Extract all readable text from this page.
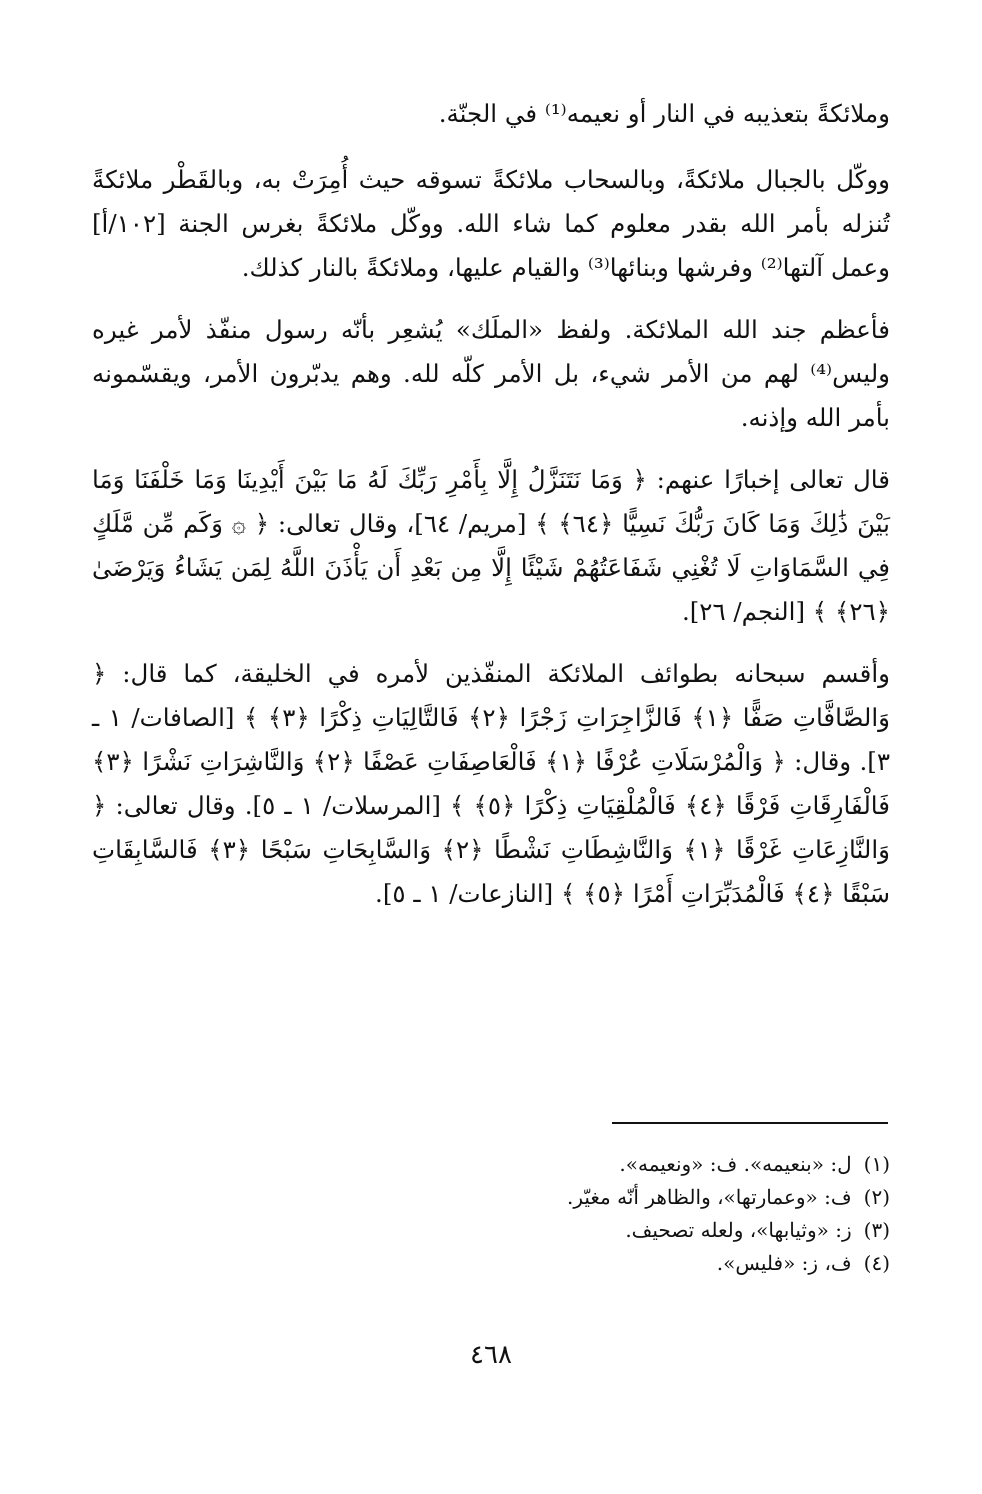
وملائكةً بتعذيبه في النار أو نعيمه⁽¹⁾ في الجنّة.

ووكّل بالجبال ملائكةً، وبالسحاب ملائكةً تسوقه حيث أُمِرَتْ به، وبالقَطْر ملائكةً تُنزله بأمر الله بقدر معلوم كما شاء الله. ووكّل ملائكةً بغرس الجنة [١٠٢/أ] وعمل آلتها⁽²⁾ وفرشها وبنائها⁽³⁾ والقيام عليها، وملائكةً بالنار كذلك.

فأعظم جند الله الملائكة. ولفظ «الملَك» يُشعِر بأنّه رسول منفّذ لأمر غيره وليس⁽⁴⁾ لهم من الأمر شيء، بل الأمر كلّه لله. وهم يدبّرون الأمر، ويقسّمونه بأمر الله وإذنه.

قال تعالى إخبارًا عنهم: ﴿ وَمَا نَتَنَزَّلُ إِلَّا بِأَمْرِ رَبِّكَ لَهُ مَا بَيْنَ أَيْدِينَا وَمَا خَلْفَنَا وَمَا بَيْنَ ذَٰلِكَ وَمَا كَانَ رَبُّكَ نَسِيًّا ﴿٦٤﴾ ﴾ [مريم/ ٦٤]، وقال تعالى: ﴿ ۞ وَكَم مِّن مَّلَكٍ فِي السَّمَاوَاتِ لَا تُغْنِي شَفَاعَتُهُمْ شَيْئًا إِلَّا مِن بَعْدِ أَن يَأْذَنَ اللَّهُ لِمَن يَشَاءُ وَيَرْضَىٰ ﴿٢٦﴾ ﴾ [النجم/ ٢٦].

وأقسم سبحانه بطوائف الملائكة المنفّذين لأمره في الخليقة، كما قال: ﴿ وَالصَّافَّاتِ صَفًّا ﴿١﴾ فَالزَّاجِرَاتِ زَجْرًا ﴿٢﴾ فَالتَّالِيَاتِ ذِكْرًا ﴿٣﴾ ﴾ [الصافات/ ١ ـ ٣]. وقال: ﴿ وَالْمُرْسَلَاتِ عُرْفًا ﴿١﴾ فَالْعَاصِفَاتِ عَصْفًا ﴿٢﴾ وَالنَّاشِرَاتِ نَشْرًا ﴿٣﴾ فَالْفَارِقَاتِ فَرْقًا ﴿٤﴾ فَالْمُلْقِيَاتِ ذِكْرًا ﴿٥﴾ ﴾ [المرسلات/ ١ ـ ٥]. وقال تعالى: ﴿ وَالنَّازِعَاتِ غَرْقًا ﴿١﴾ وَالنَّاشِطَاتِ نَشْطًا ﴿٢﴾ وَالسَّابِحَاتِ سَبْحًا ﴿٣﴾ فَالسَّابِقَاتِ سَبْقًا ﴿٤﴾ فَالْمُدَبِّرَاتِ أَمْرًا ﴿٥﴾ ﴾ [النازعات/ ١ ـ ٥].

(١)ل: «بنعيمه». ف: «ونعيمه».
(٢)ف: «وعمارتها»، والظاهر أنّه مغيّر.
(٣)ز: «وثيابها»، ولعله تصحيف.
(٤)ف، ز: «فليس».
٤٦٨
